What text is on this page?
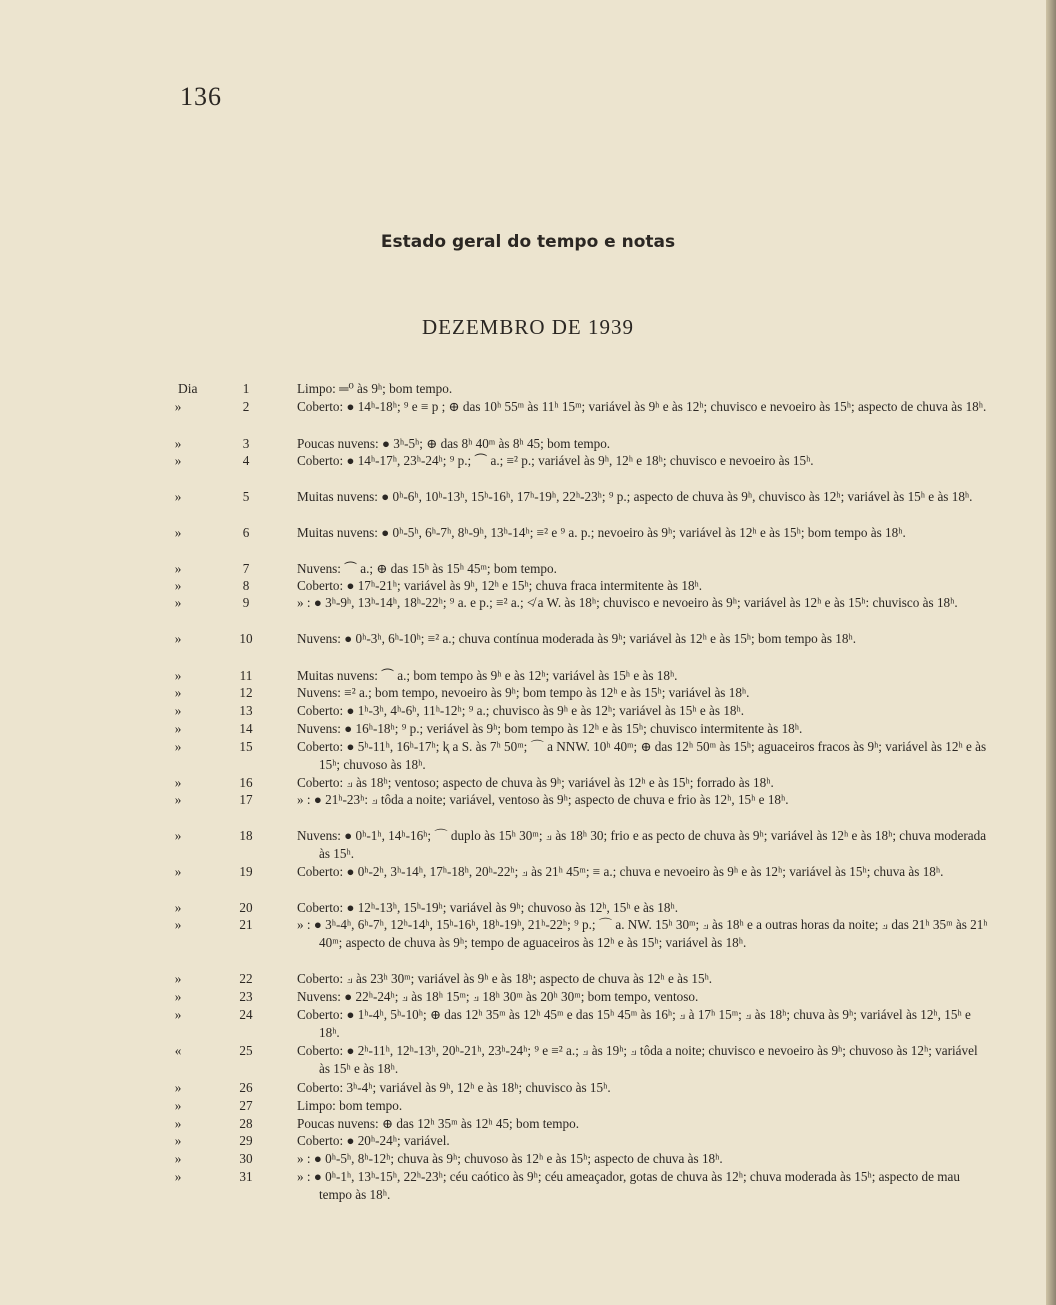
136
Estado geral do tempo e notas
DEZEMBRO DE 1939
Dia	1	Limpo: ═⁰ às 9ʰ; bom tempo.
»	2	Coberto: ● 14ʰ-18ʰ; ⁹ e ≡ p ; ⊕ das 10ʰ 55ᵐ às 11ʰ 15ᵐ; variável às 9ʰ e às 12ʰ; chuvisco e nevoeiro às 15ʰ; aspecto de chuva às 18ʰ.
»	3	Poucas nuvens: ● 3ʰ-5ʰ; ⊕ das 8ʰ 40ᵐ às 8ʰ 45; bom tempo.
»	4	Coberto: ● 14ʰ-17ʰ, 23ʰ-24ʰ; ⁹ p.; ⏜ a.; ≡² p.; variável às 9ʰ, 12ʰ e 18ʰ; chuvisco e nevoeiro às 15ʰ.
»	5	Muitas nuvens: ● 0ʰ-6ʰ, 10ʰ-13ʰ, 15ʰ-16ʰ, 17ʰ-19ʰ, 22ʰ-23ʰ; ⁹ p.; aspecto de chuva às 9ʰ, chuvisco às 12ʰ; variável às 15ʰ e às 18ʰ.
»	6	Muitas nuvens: ● 0ʰ-5ʰ, 6ʰ-7ʰ, 8ʰ-9ʰ, 13ʰ-14ʰ; ≡² e ⁹ a. p.; nevoeiro às 9ʰ; variável às 12ʰ e às 15ʰ; bom tempo às 18ʰ.
»	7	Nuvens: ⏜ a.; ⊕ das 15ʰ às 15ʰ 45ᵐ; bom tempo.
»	8	Coberto: ● 17ʰ-21ʰ; variável às 9ʰ, 12ʰ e 15ʰ; chuva fraca intermitente às 18ʰ.
»	9	» : ● 3ʰ-9ʰ, 13ʰ-14ʰ, 18ʰ-22ʰ; ⁹ a. e p.; ≡² a.; ≮ a W. às 18ʰ; chuvisco e nevoeiro às 9ʰ; variável às 12ʰ e às 15ʰ: chuvisco às 18ʰ.
»	10	Nuvens: ● 0ʰ-3ʰ, 6ʰ-10ʰ; ≡² a.; chuva contínua moderada às 9ʰ; variável às 12ʰ e às 15ʰ; bom tempo às 18ʰ.
»	11	Muitas nuvens: ⏜ a.; bom tempo às 9ʰ e às 12ʰ; variável às 15ʰ e às 18ʰ.
»	12	Nuvens: ≡² a.; bom tempo, nevoeiro às 9ʰ; bom tempo às 12ʰ e às 15ʰ; variável às 18ʰ.
»	13	Coberto: ● 1ʰ-3ʰ, 4ʰ-6ʰ, 11ʰ-12ʰ; ⁹ a.; chuvisco às 9ʰ e às 12ʰ; variável às 15ʰ e às 18ʰ.
»	14	Nuvens: ● 16ʰ-18ʰ; ⁹ p.; veriável às 9ʰ; bom tempo às 12ʰ e às 15ʰ; chuvisco intermitente às 18ʰ.
»	15	Coberto: ● 5ʰ-11ʰ, 16ʰ-17ʰ; ⱪ a S. às 7ʰ 50ᵐ; ⌒ a NNW. 10ʰ 40ᵐ; ⊕ das 12ʰ 50ᵐ às 15ʰ; aguaceiros fracos às 9ʰ; variável às 12ʰ e às 15ʰ; chuvoso às 18ʰ.
»	16	Coberto: ⟓ às 18ʰ; ventoso; aspecto de chuva às 9ʰ; variável às 12ʰ e às 15ʰ; forrado às 18ʰ.
»	17	» : ● 21ʰ-23ʰ: ⟓ tôda a noite; variável, ventoso às 9ʰ; aspecto de chuva e frio às 12ʰ, 15ʰ e 18ʰ.
»	18	Nuvens: ● 0ʰ-1ʰ, 14ʰ-16ʰ; ⌒ duplo às 15ʰ 30ᵐ; ⟓ às 18ʰ 30; frio e as pecto de chuva às 9ʰ; variável às 12ʰ e às 18ʰ; chuva moderada às 15ʰ.
»	19	Coberto: ● 0ʰ-2ʰ, 3ʰ-14ʰ, 17ʰ-18ʰ, 20ʰ-22ʰ; ⟓ às 21ʰ 45ᵐ; ≡ a.; chuva e nevoeiro às 9ʰ e às 12ʰ; variável às 15ʰ; chuva às 18ʰ.
»	20	Coberto: ● 12ʰ-13ʰ, 15ʰ-19ʰ; variável às 9ʰ; chuvoso às 12ʰ, 15ʰ e às 18ʰ.
»	21	» : ● 3ʰ-4ʰ, 6ʰ-7ʰ, 12ʰ-14ʰ, 15ʰ-16ʰ, 18ʰ-19ʰ, 21ʰ-22ʰ; ⁹ p.; ⌒ a. NW. 15ʰ 30ᵐ; ⟓ às 18ʰ e a outras horas da noite; ⟓ das 21ʰ 35ᵐ às 21ʰ 40ᵐ; aspecto de chuva às 9ʰ; tempo de aguaceiros às 12ʰ e às 15ʰ; variável às 18ʰ.
»	22	Coberto: ⟓ às 23ʰ 30ᵐ; variável às 9ʰ e às 18ʰ; aspecto de chuva às 12ʰ e às 15ʰ.
»	23	Nuvens: ● 22ʰ-24ʰ; ⟓ às 18ʰ 15ᵐ; ⟓ 18ʰ 30ᵐ às 20ʰ 30ᵐ; bom tempo, ventoso.
»	24	Coberto: ● 1ʰ-4ʰ, 5ʰ-10ʰ; ⊕ das 12ʰ 35ᵐ às 12ʰ 45ᵐ e das 15ʰ 45ᵐ às 16ʰ; ⟓ à 17ʰ 15ᵐ; ⟓ às 18ʰ; chuva às 9ʰ; variável às 12ʰ, 15ʰ e 18ʰ.
«	25	Coberto: ● 2ʰ-11ʰ, 12ʰ-13ʰ, 20ʰ-21ʰ, 23ʰ-24ʰ; ⁹ e ≡² a.; ⟓ às 19ʰ; ⟓ tôda a noite; chuvisco e nevoeiro às 9ʰ; chuvoso às 12ʰ; variável às 15ʰ e às 18ʰ.
»	26	Coberto: 3ʰ-4ʰ; variável às 9ʰ, 12ʰ e às 18ʰ; chuvisco às 15ʰ.
»	27	Limpo: bom tempo.
»	28	Poucas nuvens: ⊕ das 12ʰ 35ᵐ às 12ʰ 45; bom tempo.
»	29	Coberto: ● 20ʰ-24ʰ; variável.
»	30	» : ● 0ʰ-5ʰ, 8ʰ-12ʰ; chuva às 9ʰ; chuvoso às 12ʰ e às 15ʰ; aspecto de chuva às 18ʰ.
»	31	» : ● 0ʰ-1ʰ, 13ʰ-15ʰ, 22ʰ-23ʰ; céu caótico às 9ʰ; céu ameaçador, gotas de chuva às 12ʰ; chuva moderada às 15ʰ; aspecto de mau tempo às 18ʰ.
